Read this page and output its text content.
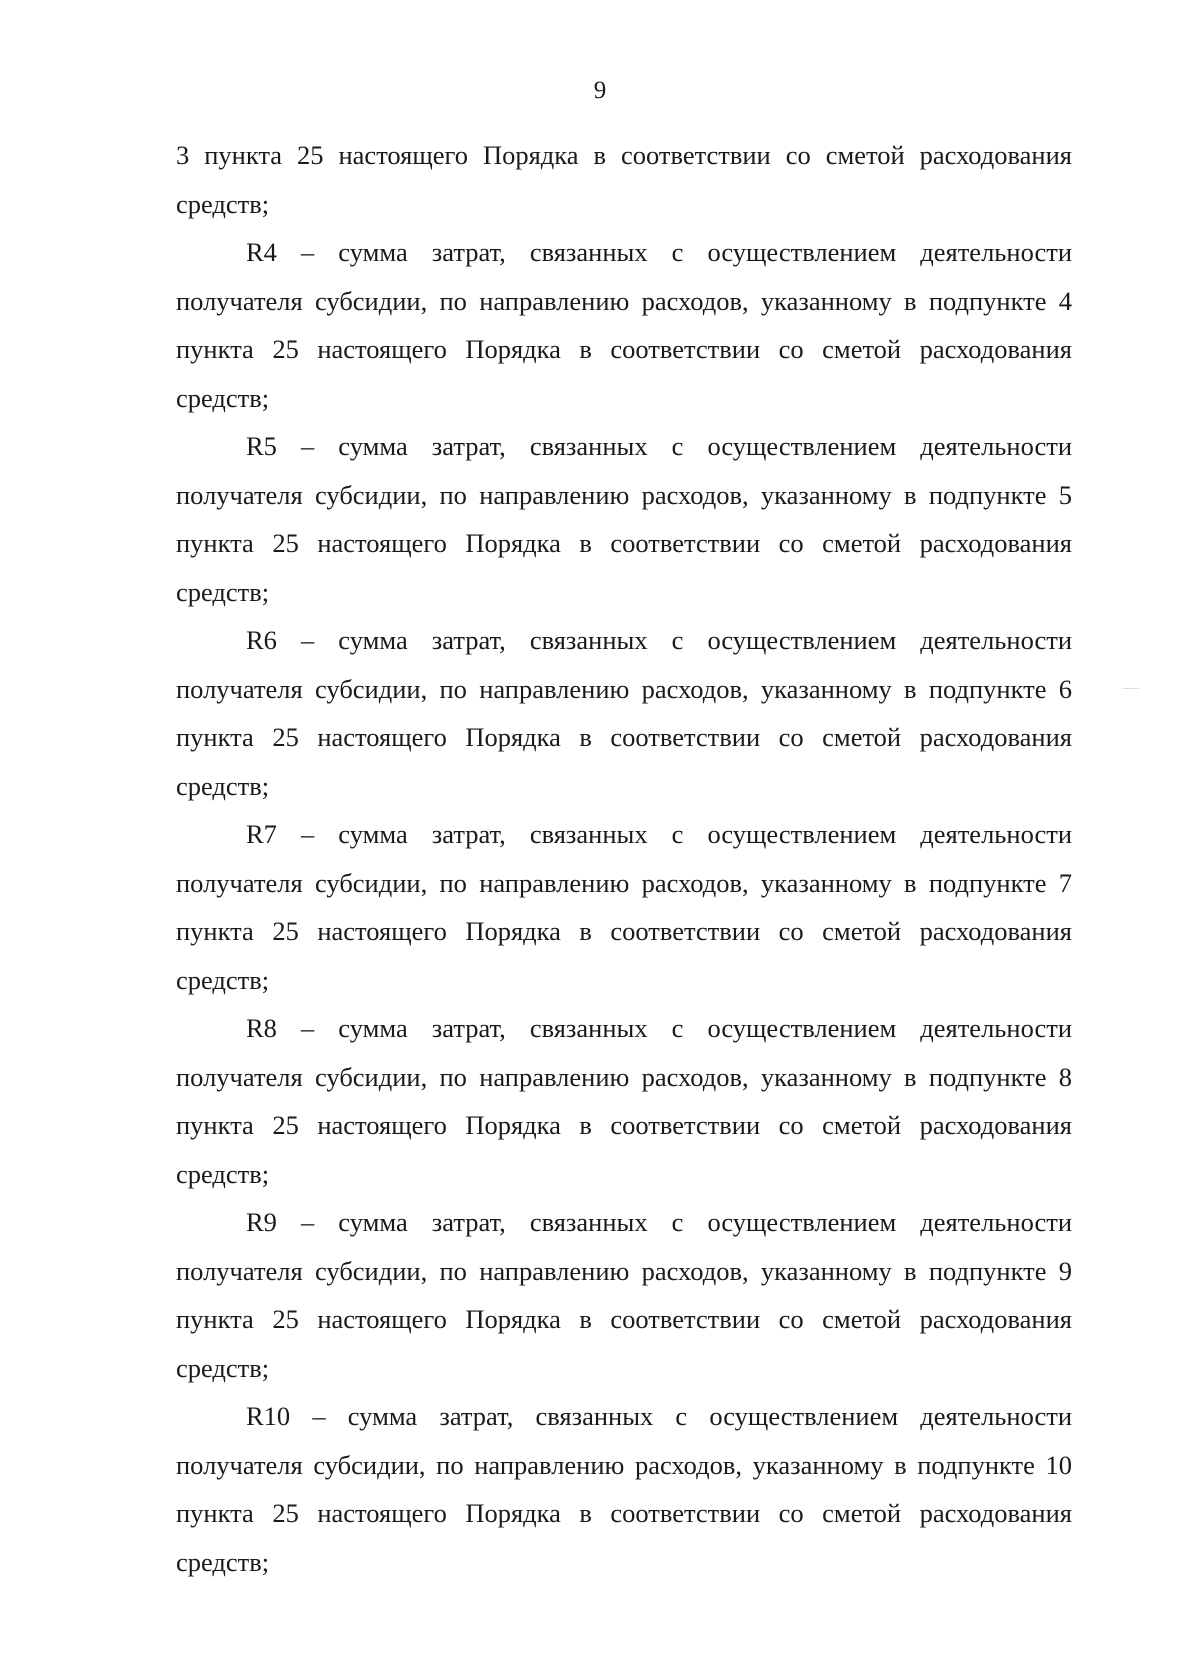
9

3 пункта 25 настоящего Порядка в соответствии со сметой расходования средств;

R4 – сумма затрат, связанных с осуществлением деятельности получателя субсидии, по направлению расходов, указанному в подпункте 4 пункта 25 настоящего Порядка в соответствии со сметой расходования средств;

R5 – сумма затрат, связанных с осуществлением деятельности получателя субсидии, по направлению расходов, указанному в подпункте 5 пункта 25 настоящего Порядка в соответствии со сметой расходования средств;

R6 – сумма затрат, связанных с осуществлением деятельности получателя субсидии, по направлению расходов, указанному в подпункте 6 пункта 25 настоящего Порядка в соответствии со сметой расходования средств;

R7 – сумма затрат, связанных с осуществлением деятельности получателя субсидии, по направлению расходов, указанному в подпункте 7 пункта 25 настоящего Порядка в соответствии со сметой расходования средств;

R8 – сумма затрат, связанных с осуществлением деятельности получателя субсидии, по направлению расходов, указанному в подпункте 8 пункта 25 настоящего Порядка в соответствии со сметой расходования средств;

R9 – сумма затрат, связанных с осуществлением деятельности получателя субсидии, по направлению расходов, указанному в подпункте 9 пункта 25 настоящего Порядка в соответствии со сметой расходования средств;

R10 – сумма затрат, связанных с осуществлением деятельности получателя субсидии, по направлению расходов, указанному в подпункте 10 пункта 25 настоящего Порядка в соответствии со сметой расходования средств;
